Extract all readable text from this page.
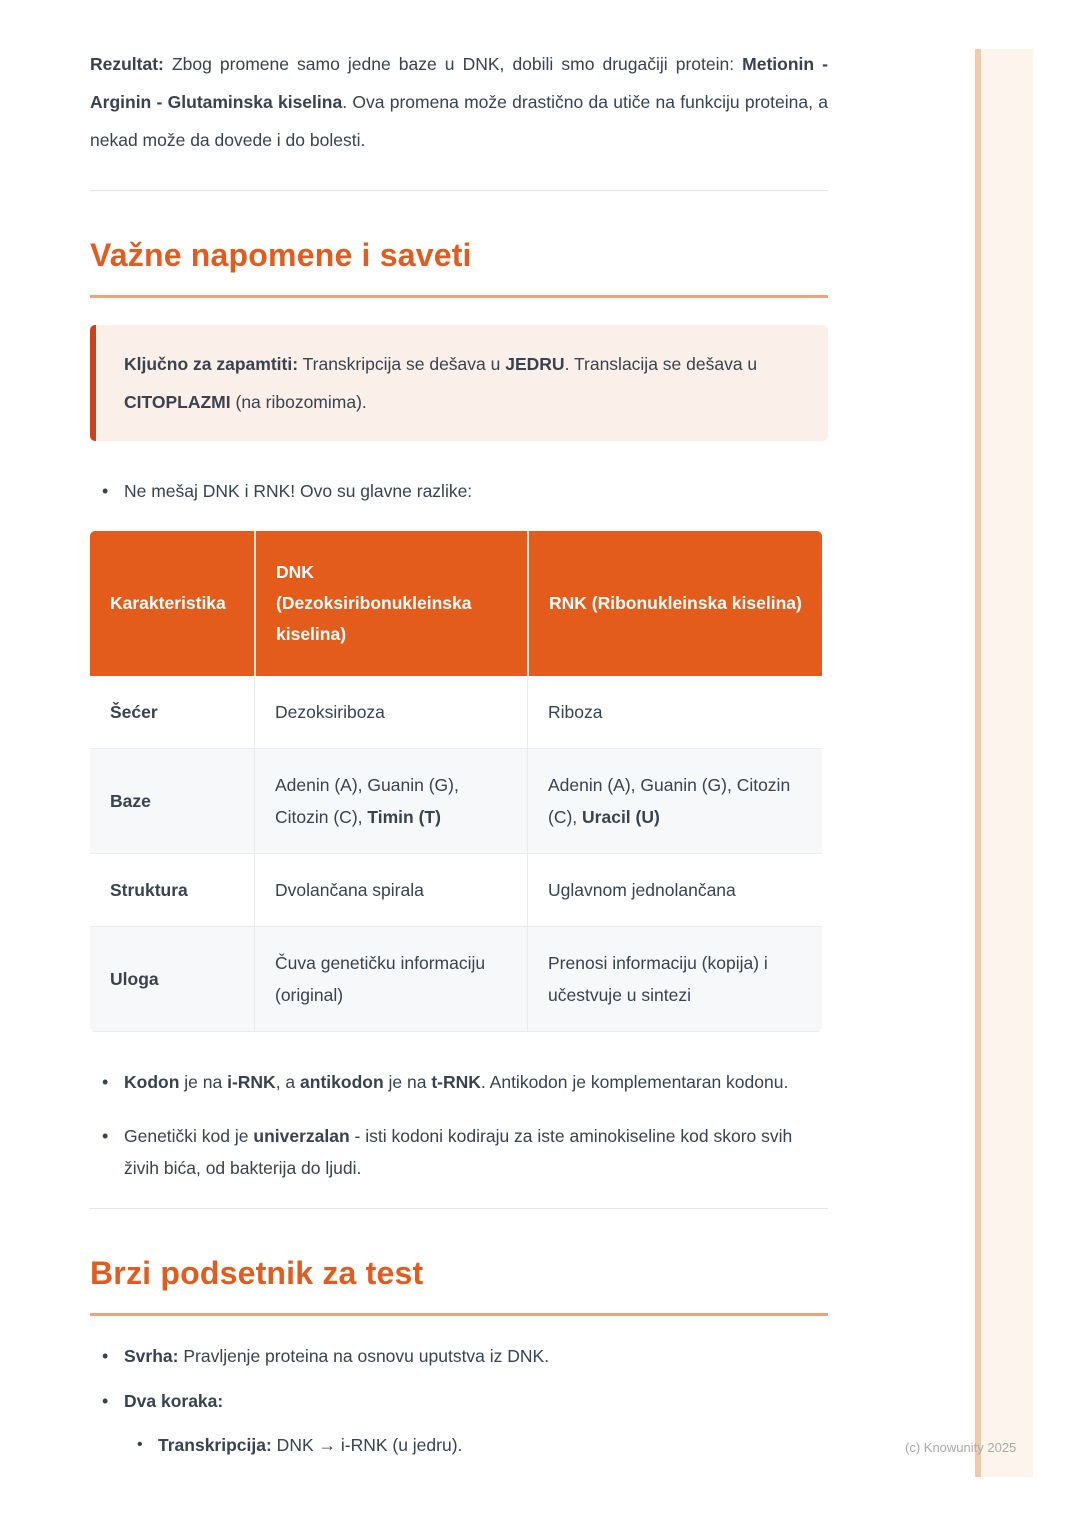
Rezultat: Zbog promene samo jedne baze u DNK, dobili smo drugačiji protein: Metionin - Arginin - Glutaminska kiselina. Ova promena može drastično da utiče na funkciju proteina, a nekad može da dovede i do bolesti.

Važne napomene i saveti
Ključno za zapamtiti: Transkripcija se dešava u JEDRU. Translacija se dešava u CITOPLAZMI (na ribozomima).
• Ne mešaj DNK i RNK! Ovo su glavne razlike:
Karakteristika	DNK (Dezoksiribonukleinska kiselina)	RNK (Ribonukleinska kiselina)
Šećer	Dezoksiriboza	Riboza
Baze	Adenin (A), Guanin (G), Citozin (C), Timin (T)	Adenin (A), Guanin (G), Citozin (C), Uracil (U)
Struktura	Dvolančana spirala	Uglavnom jednolančana
Uloga	Čuva genetičku informaciju (original)	Prenosi informaciju (kopija) i učestvuje u sintezi
• Kodon je na i-RNK, a antikodon je na t-RNK. Antikodon je komplementaran kodonu.
• Genetički kod je univerzalan - isti kodoni kodiraju za iste aminokiseline kod skoro svih živih bića, od bakterija do ljudi.
Brzi podsetnik za test
• Svrha: Pravljenje proteina na osnovu uputstva iz DNK.
• Dva koraka:
• Transkripcija: DNK → i-RNK (u jedru).	(c) Knowunity 2025
